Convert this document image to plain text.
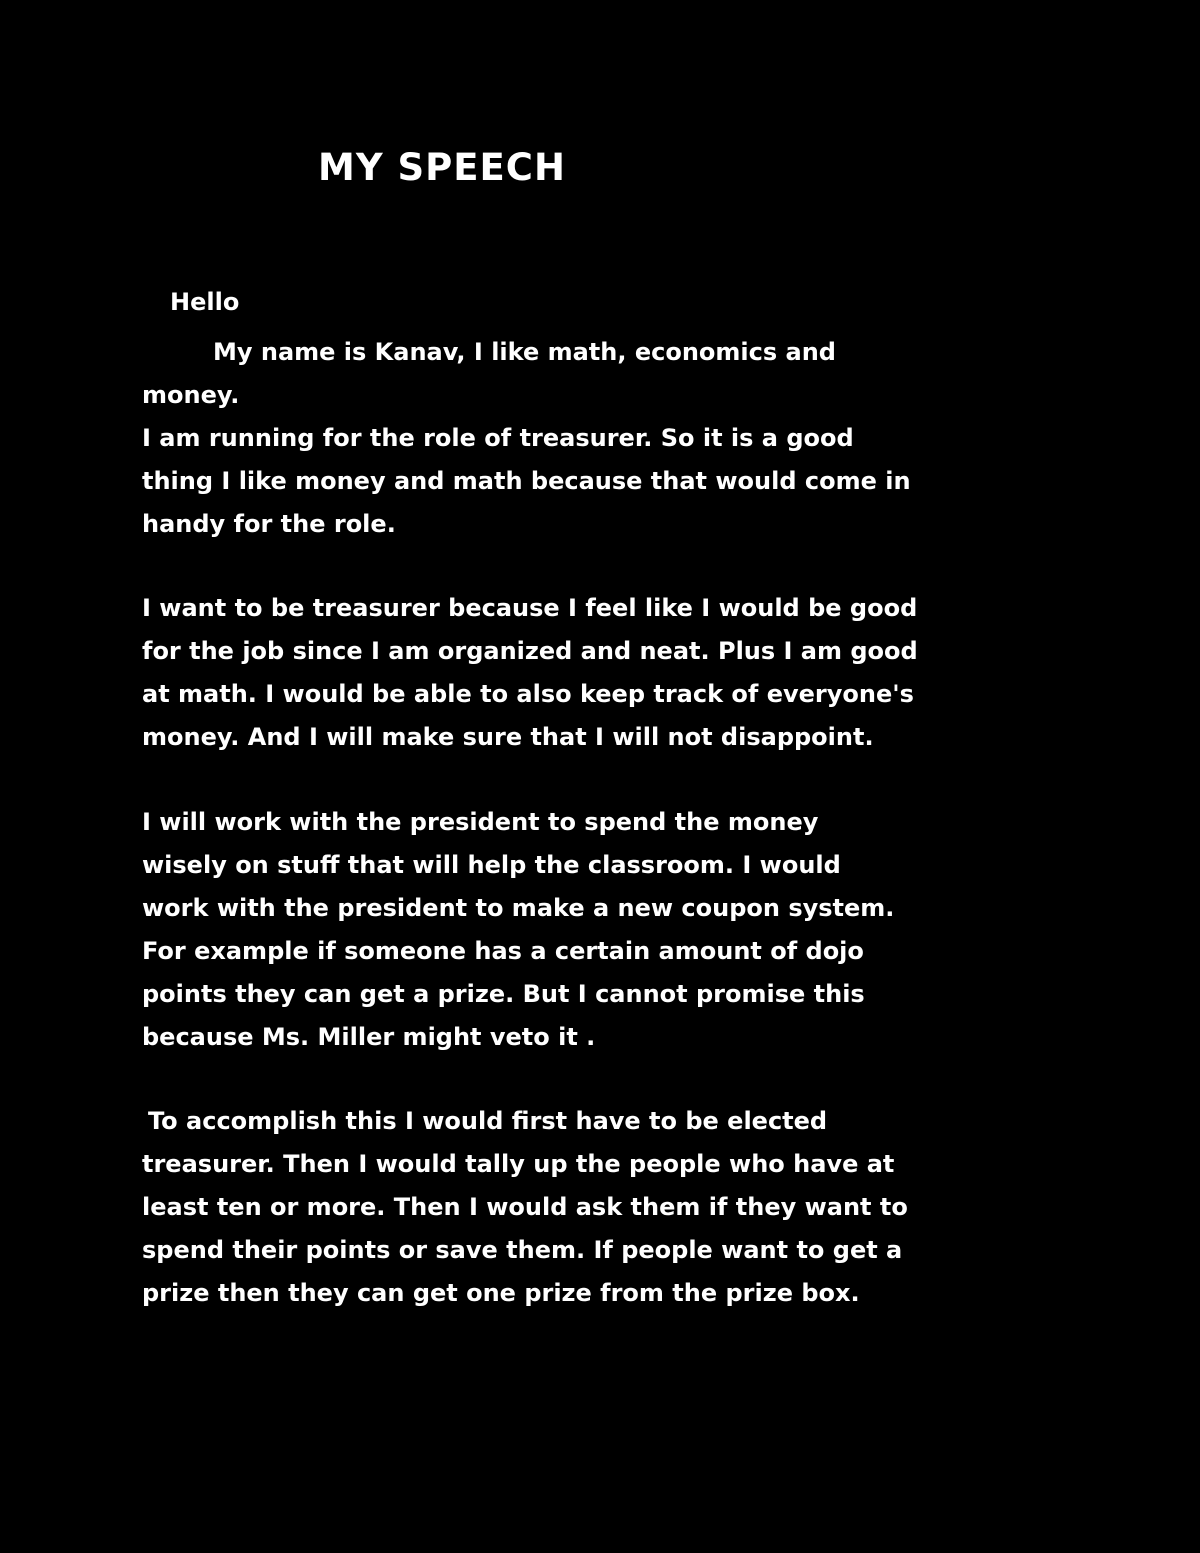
MY SPEECH

Hello

My name is Kanav, I like math, economics and

money.

I am running for the role of treasurer. So it is a good

thing I like money and math because that would come in

handy for the role.

I want to be treasurer because I feel like I would be good

for the job since I am organized and neat. Plus I am good

at math. I would be able to also keep track of everyone's

money. And I will make sure that I will not disappoint.

I will work with the president to spend the money

wisely on stuff that will help the classroom. I would

work with the president to make a new coupon system.

For example if someone has a certain amount of dojo

points they can get a prize. But I cannot promise this

because Ms. Miller might veto it .

To accomplish this I would first have to be elected

treasurer. Then I would tally up the people who have at

least ten or more. Then I would ask them if they want to

spend their points or save them. If people want to get a

prize then they can get one prize from the prize box.
